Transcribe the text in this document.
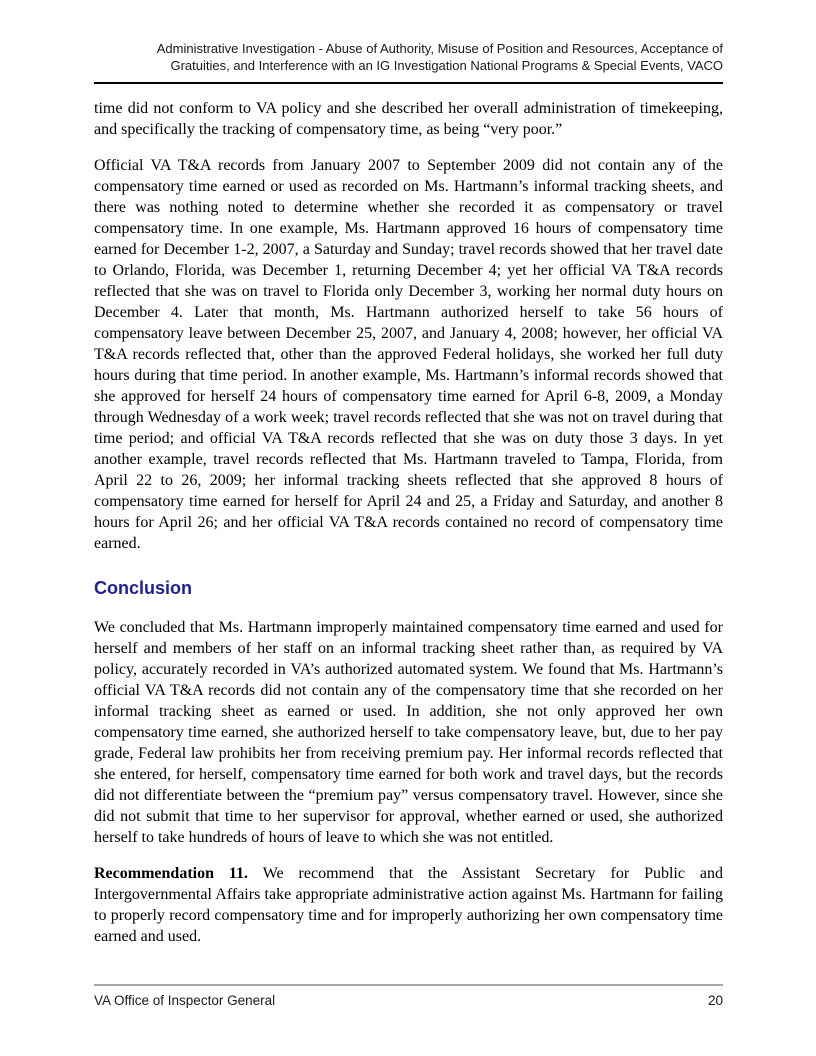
Administrative Investigation - Abuse of Authority, Misuse of Position and Resources, Acceptance of
Gratuities, and Interference with an IG Investigation National Programs & Special Events, VACO

time did not conform to VA policy and she described her overall administration of timekeeping, and specifically the tracking of compensatory time, as being “very poor.”

Official VA T&A records from January 2007 to September 2009 did not contain any of the compensatory time earned or used as recorded on Ms. Hartmann’s informal tracking sheets, and there was nothing noted to determine whether she recorded it as compensatory or travel compensatory time. In one example, Ms. Hartmann approved 16 hours of compensatory time earned for December 1-2, 2007, a Saturday and Sunday; travel records showed that her travel date to Orlando, Florida, was December 1, returning December 4; yet her official VA T&A records reflected that she was on travel to Florida only December 3, working her normal duty hours on December 4. Later that month, Ms. Hartmann authorized herself to take 56 hours of compensatory leave between December 25, 2007, and January 4, 2008; however, her official VA T&A records reflected that, other than the approved Federal holidays, she worked her full duty hours during that time period. In another example, Ms. Hartmann’s informal records showed that she approved for herself 24 hours of compensatory time earned for April 6-8, 2009, a Monday through Wednesday of a work week; travel records reflected that she was not on travel during that time period; and official VA T&A records reflected that she was on duty those 3 days. In yet another example, travel records reflected that Ms. Hartmann traveled to Tampa, Florida, from April 22 to 26, 2009; her informal tracking sheets reflected that she approved 8 hours of compensatory time earned for herself for April 24 and 25, a Friday and Saturday, and another 8 hours for April 26; and her official VA T&A records contained no record of compensatory time earned.

Conclusion

We concluded that Ms. Hartmann improperly maintained compensatory time earned and used for herself and members of her staff on an informal tracking sheet rather than, as required by VA policy, accurately recorded in VA’s authorized automated system. We found that Ms. Hartmann’s official VA T&A records did not contain any of the compensatory time that she recorded on her informal tracking sheet as earned or used. In addition, she not only approved her own compensatory time earned, she authorized herself to take compensatory leave, but, due to her pay grade, Federal law prohibits her from receiving premium pay. Her informal records reflected that she entered, for herself, compensatory time earned for both work and travel days, but the records did not differentiate between the “premium pay” versus compensatory travel. However, since she did not submit that time to her supervisor for approval, whether earned or used, she authorized herself to take hundreds of hours of leave to which she was not entitled.

Recommendation 11. We recommend that the Assistant Secretary for Public and Intergovernmental Affairs take appropriate administrative action against Ms. Hartmann for failing to properly record compensatory time and for improperly authorizing her own compensatory time earned and used.

VA Office of Inspector General	20
